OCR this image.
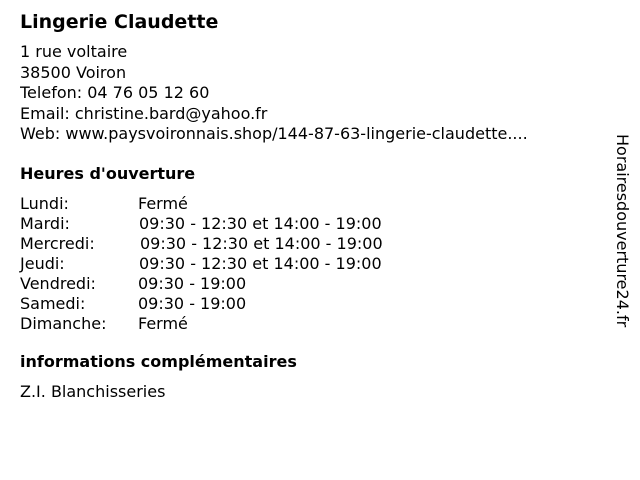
Lingerie Claudette
1 rue voltaire
38500 Voiron
Telefon: 04 76 05 12 60
Email: christine.bard@yahoo.fr
Web: www.paysvoironnais.shop/144-87-63-lingerie-claudette....
Heures d'ouverture
Lundi:	Fermé
Mardi:	09:30 - 12:30 et 14:00 - 19:00
Mercredi:	09:30 - 12:30 et 14:00 - 19:00
Jeudi:	09:30 - 12:30 et 14:00 - 19:00
Vendredi:	09:30 - 19:00
Samedi:	09:30 - 19:00
Dimanche: Fermé
informations complémentaires
Z.I. Blanchisseries
Horairesdouverture24.fr
